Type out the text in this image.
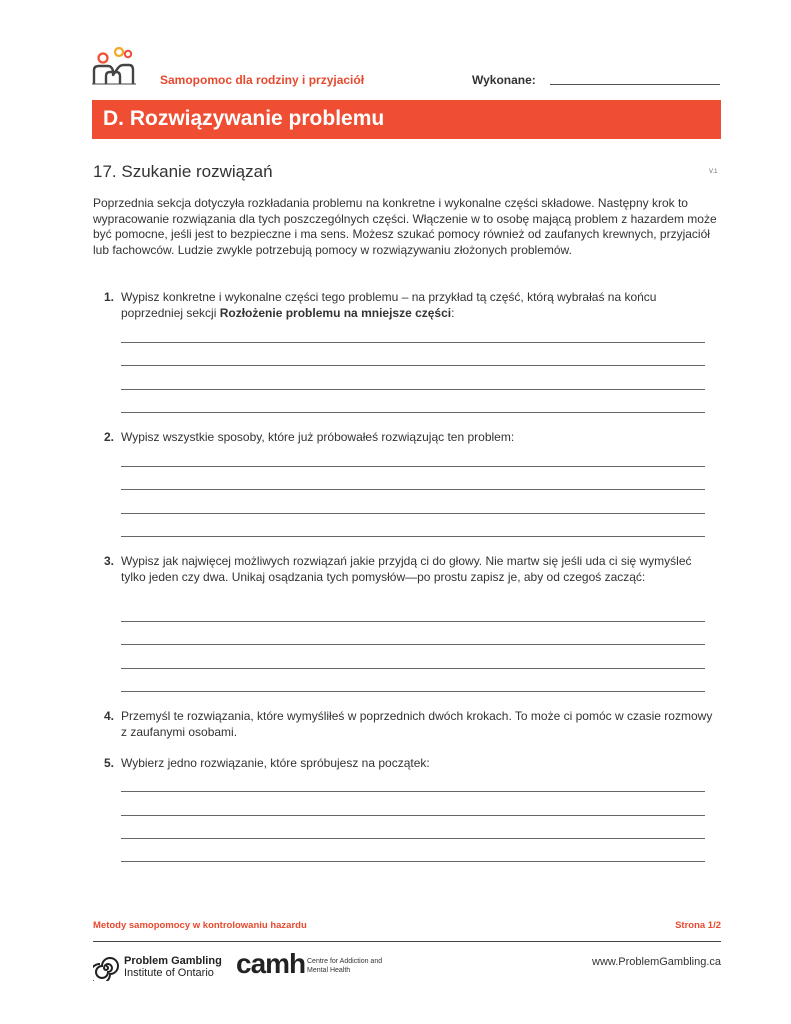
Samopomoc dla rodziny i przyjaciół	Wykonane:
D. Rozwiązywanie problemu
17. Szukanie rozwiązań	V.1

Poprzednia sekcja dotyczyła rozkładania problemu na konkretne i wykonalne części składowe. Następny krok to wypracowanie rozwiązania dla tych poszczególnych części. Włączenie w to osobę mającą problem z hazardem może być pomocne, jeśli jest to bezpieczne i ma sens. Możesz szukać pomocy również od zaufanych krewnych, przyjaciół lub fachowców. Ludzie zwykle potrzebują pomocy w rozwiązywaniu złożonych problemów.

1. Wypisz konkretne i wykonalne części tego problemu – na przykład tą część, którą wybrałaś na końcu poprzedniej sekcji Rozłożenie problemu na mniejsze części:
2. Wypisz wszystkie sposoby, które już próbowałeś rozwiązując ten problem:
3. Wypisz jak najwięcej możliwych rozwiązań jakie przyjdą ci do głowy. Nie martw się jeśli uda ci się wymyśleć tylko jeden czy dwa. Unikaj osądzania tych pomysłów—po prostu zapisz je, aby od czegoś zacząć:
4. Przemyśl te rozwiązania, które wymyśliłeś w poprzednich dwóch krokach. To może ci pomóc w czasie rozmowy z zaufanymi osobami.
5. Wybierz jedno rozwiązanie, które spróbujesz na początek:
Metody samopomocy w kontrolowaniu hazardu	Strona 1/2
Problem Gambling
Institute of Ontario camh Centre for Addiction and Mental Health
www.ProblemGambling.ca
